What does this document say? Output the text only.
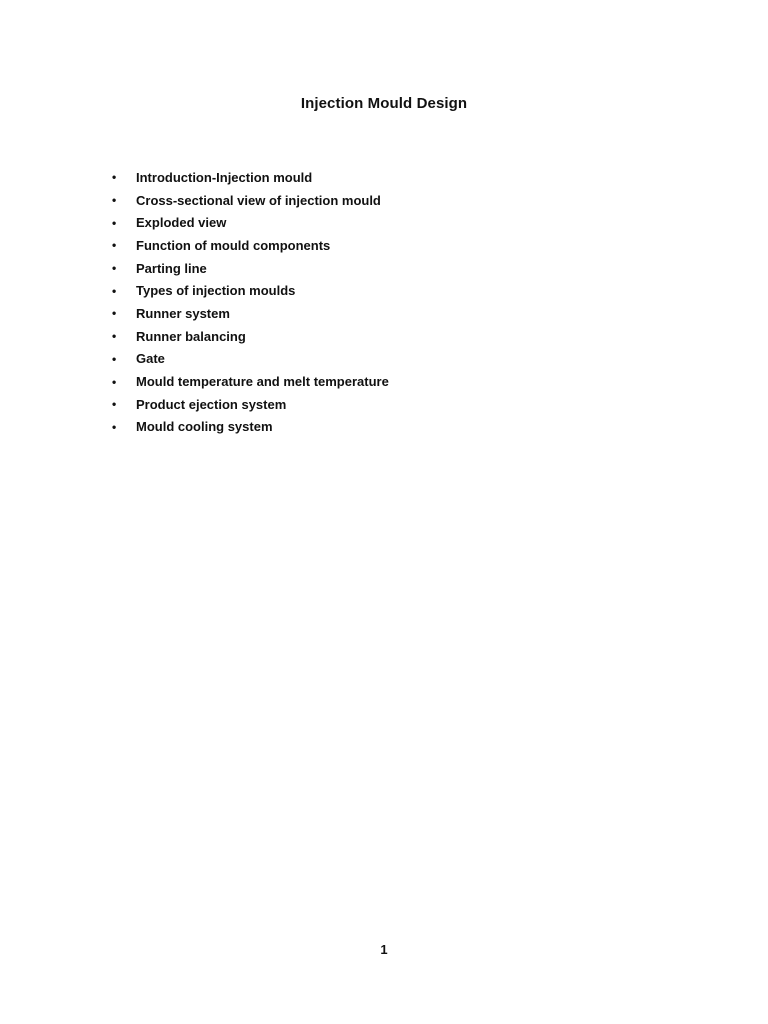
Injection Mould Design
•	Introduction-Injection mould
•	Cross-sectional view of injection mould
•	Exploded view
•	Function of mould components
•	Parting line
•	Types of injection moulds
•	Runner system
•	Runner balancing
•	Gate
•	Mould temperature and melt temperature
•	Product ejection system
•	Mould cooling system
1
